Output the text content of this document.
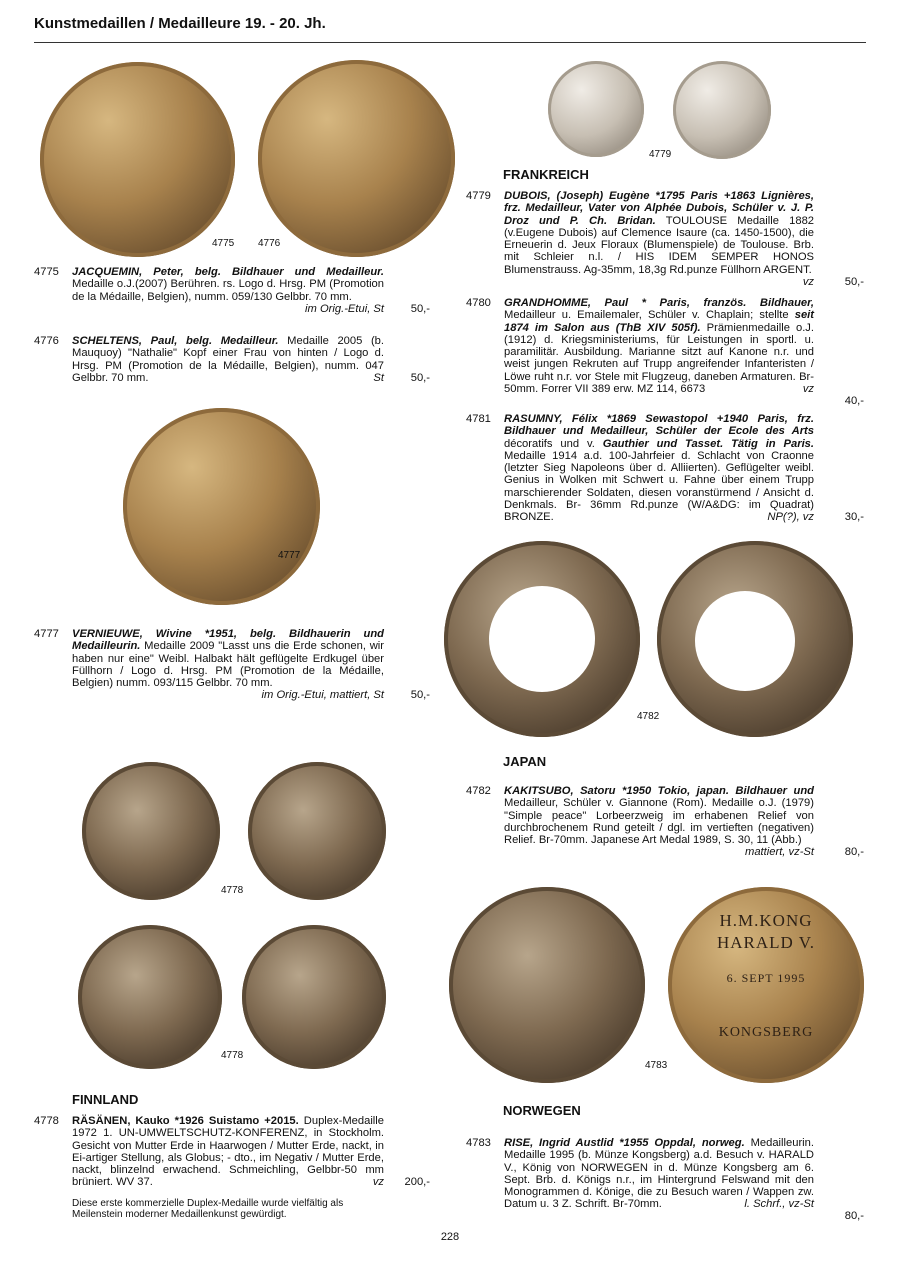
Kunstmedaillen / Medailleure 19. - 20. Jh.
4775 4776
4775 JACQUEMIN, Peter, belg. Bildhauer und Medailleur. Medaille o.J.(2007) Berühren. rs. Logo d. Hrsg. PM (Promotion de la Médaille, Belgien), numm. 059/130 Gelbbr. 70 mm.
im Orig.-Etui, St	50,-
4776 SCHELTENS, Paul, belg. Medailleur. Medaille 2005 (b. Mauquoy) "Nathalie" Kopf einer Frau von hinten / Logo d. Hrsg. PM (Promotion de la Médaille, Belgien), numm. 047 Gelbbr. 70 mm.	St	50,-
4777
4777 VERNIEUWE, Wivine *1951, belg. Bildhauerin und Medailleurin. Medaille 2009 "Lasst uns die Erde schonen, wir haben nur eine" Weibl. Halbakt hält geflügelte Erdkugel über Füllhorn / Logo d. Hrsg. PM (Promotion de la Médaille, Belgien) numm. 093/115 Gelbbr. 70 mm.

im Orig.-Etui, mattiert, St	50,-
4778
4778
FINNLAND
4778 RÄSÄNEN, Kauko *1926 Suistamo +2015. Duplex-Medaille 1972 1. UN-UMWELTSCHUTZ-KONFERENZ, in Stockholm. Gesicht von Mutter Erde in Haarwogen / Mutter Erde, nackt, in Ei-artiger Stellung, als Globus; - dto., im Negativ / Mutter Erde, nackt, blinzelnd erwachend. Schmeichling, Gelbbr-50 mm brüniert. WV 37.	vz	200,-
Diese erste kommerzielle Duplex-Medaille wurde vielfältig als Meilenstein moderner Medaillenkunst gewürdigt.
4779
FRANKREICH
4779 DUBOIS, (Joseph) Eugène *1795 Paris +1863 Lignières, frz. Medailleur, Vater von Alphée Dubois, Schüler v. J. P. Droz und P. Ch. Bridan. TOULOUSE Medaille 1882 (v.Eugene Dubois) auf Clemence Isaure (ca. 1450-1500), die Erneuerin d. Jeux Floraux (Blumenspiele) de Toulouse. Brb. mit Schleier n.l. / HIS IDEM SEMPER HONOS Blumenstrauss. Ag-35mm, 18,3g Rd.punze Füllhorn ARGENT.
vz	50,-
4780 GRANDHOMME, Paul * Paris, französ. Bildhauer, Medailleur u. Emailemaler, Schüler v. Chaplain; stellte seit 1874 im Salon aus (ThB XIV 505f). Prämienmedaille o.J. (1912) d. Kriegsministeriums, für Leistungen in sportl. u. paramilitär. Ausbildung. Marianne sitzt auf Kanone n.r. und weist jungen Rekruten auf Trupp angreifender Infanteristen / Löwe ruht n.r. vor Stele mit Flugzeug, daneben Armaturen. Br-50mm. Forrer VII 389 erw. MZ 114, 6673	vz
40,-
4781 RASUMNY, Félix *1869 Sewastopol +1940 Paris, frz. Bildhauer und Medailleur, Schüler der Ecole des Arts décoratifs und v. Gauthier und Tasset. Tätig in Paris. Medaille 1914 a.d. 100-Jahrfeier d. Schlacht von Craonne (letzter Sieg Napoleons über d. Alliierten). Geflügelter weibl. Genius in Wolken mit Schwert u. Fahne über einem Trupp marschierender Soldaten, diesen voranstürmend / Ansicht d. Denkmals. Br- 36mm Rd.punze (W/A&DG: im Quadrat) BRONZE.	NP(?), vz	30,-
4782
JAPAN
4782 KAKITSUBO, Satoru *1950 Tokio, japan. Bildhauer und Medailleur, Schüler v. Giannone (Rom). Medaille o.J. (1979) "Simple peace" Lorbeerzweig im erhabenen Relief von durchbrochenem Rund geteilt / dgl. im vertieften (negativen) Relief. Br-70mm. Japanese Art Medal 1989, S. 30, 11 (Abb.)
mattiert, vz-St	80,-
H.M.KONG
HARALD V.
6. SEPT 1995
KONGSBERG
4783
NORWEGEN
4783 RISE, Ingrid Austlid *1955 Oppdal, norweg. Medailleurin. Medaille 1995 (b. Münze Kongsberg) a.d. Besuch v. HARALD V., König von NORWEGEN in d. Münze Kongsberg am 6. Sept. Brb. d. Königs n.r., im Hintergrund Felswand mit den Monogrammen d. Könige, die zu Besuch waren / Wappen zw. Datum u. 3 Z. Schrift. Br-70mm.	l. Schrf., vz-St
80,-
228
